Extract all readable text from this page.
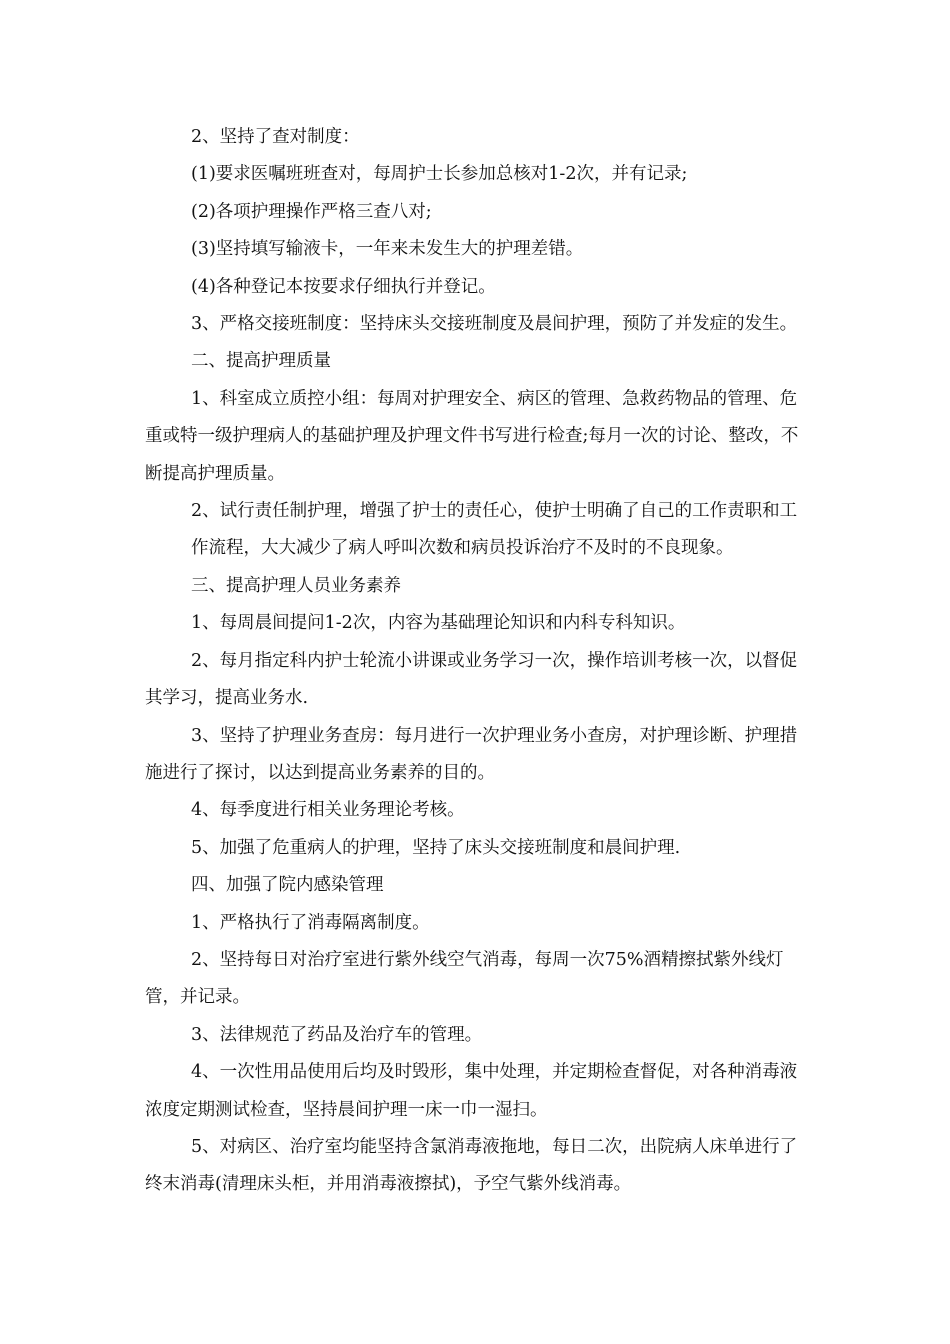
2、坚持了查对制度：

(1)要求医嘱班班查对，每周护士长参加总核对1-2次，并有记录;

(2)各项护理操作严格三查八对;

(3)坚持填写输液卡，一年来未发生大的护理差错。

(4)各种登记本按要求仔细执行并登记。

3、严格交接班制度：坚持床头交接班制度及晨间护理，预防了并发症的发生。

二、提高护理质量

1、科室成立质控小组：每周对护理安全、病区的管理、急救药物品的管理、危重或特一级护理病人的基础护理及护理文件书写进行检查;每月一次的讨论、整改，不断提高护理质量。

2、试行责任制护理，增强了护士的责任心，使护士明确了自己的工作责职和工

作流程，大大减少了病人呼叫次数和病员投诉治疗不及时的不良现象。

三、提高护理人员业务素养

1、每周晨间提问1-2次，内容为基础理论知识和内科专科知识。

2、每月指定科内护士轮流小讲课或业务学习一次，操作培训考核一次，以督促其学习，提高业务水.

3、坚持了护理业务查房：每月进行一次护理业务小查房，对护理诊断、护理措施进行了探讨，以达到提高业务素养的目的。

4、每季度进行相关业务理论考核。

5、加强了危重病人的护理，坚持了床头交接班制度和晨间护理.

四、加强了院内感染管理

1、严格执行了消毒隔离制度。

2、坚持每日对治疗室进行紫外线空气消毒，每周一次75%酒精擦拭紫外线灯管，并记录。

3、法律规范了药品及治疗车的管理。

4、一次性用品使用后均及时毁形，集中处理，并定期检查督促，对各种消毒液浓度定期测试检查，坚持晨间护理一床一巾一湿扫。

5、对病区、治疗室均能坚持含氯消毒液拖地，每日二次，出院病人床单进行了终末消毒(清理床头柜，并用消毒液擦拭)，予空气紫外线消毒。
